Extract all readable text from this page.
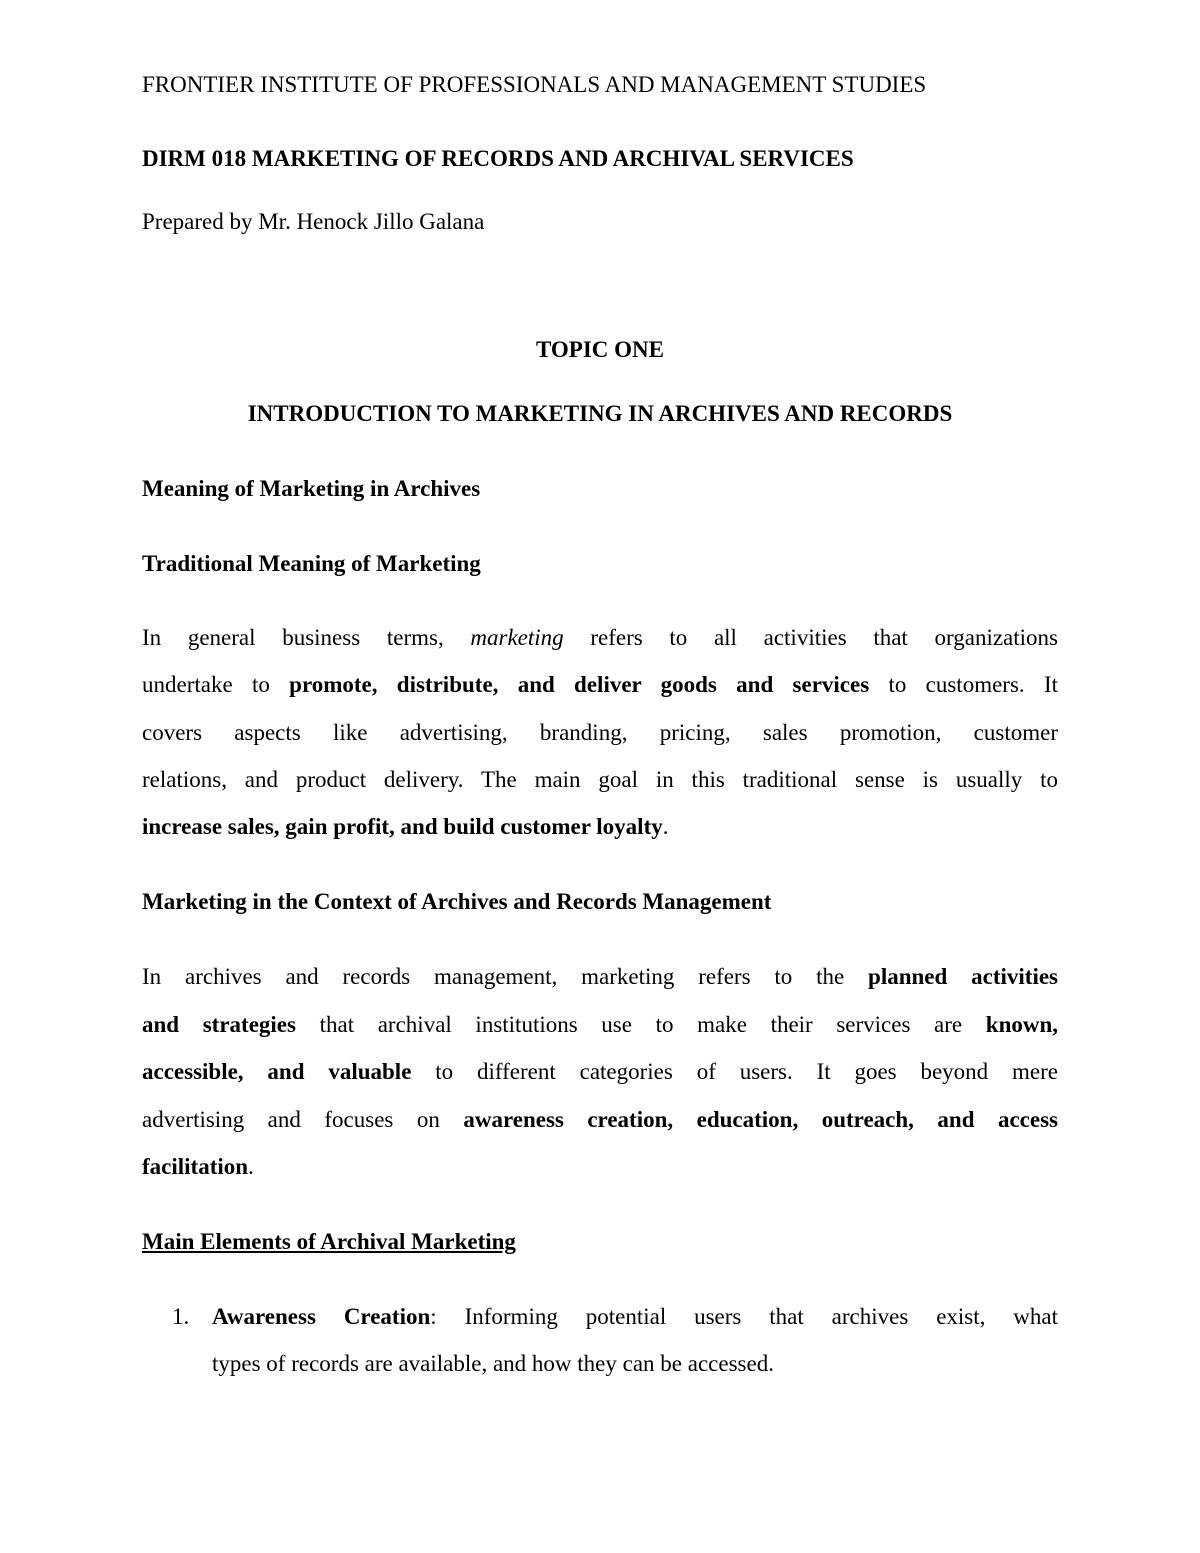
FRONTIER INSTITUTE OF PROFESSIONALS AND MANAGEMENT STUDIES

DIRM 018 MARKETING OF RECORDS AND ARCHIVAL SERVICES

Prepared by Mr. Henock Jillo Galana

TOPIC ONE

INTRODUCTION TO MARKETING IN ARCHIVES AND RECORDS

Meaning of Marketing in Archives

Traditional Meaning of Marketing

In general business terms, marketing refers to all activities that organizations

undertake to promote, distribute, and deliver goods and services to customers. It

covers aspects like advertising, branding, pricing, sales promotion, customer

relations, and product delivery. The main goal in this traditional sense is usually to

increase sales, gain profit, and build customer loyalty.

Marketing in the Context of Archives and Records Management

In archives and records management, marketing refers to the planned activities

and strategies that archival institutions use to make their services are known,

accessible, and valuable to different categories of users. It goes beyond mere

advertising and focuses on awareness creation, education, outreach, and access

facilitation.

Main Elements of Archival Marketing

1. Awareness Creation: Informing potential users that archives exist, what

types of records are available, and how they can be accessed.
